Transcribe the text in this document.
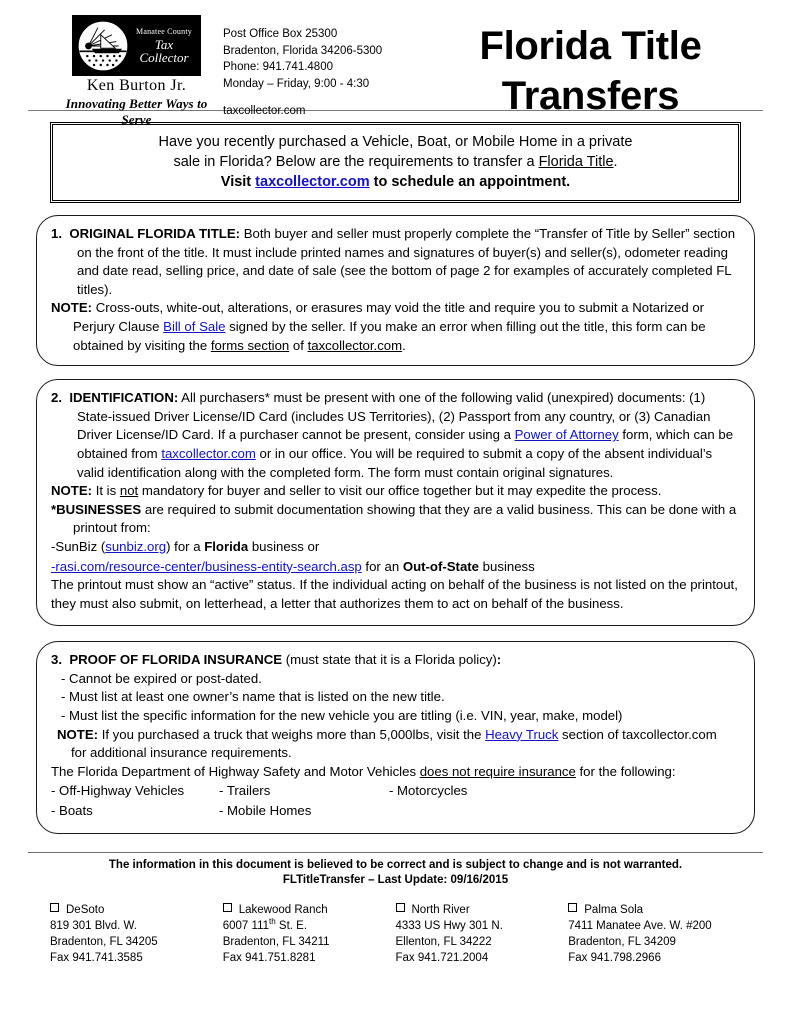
Manatee County
Tax
Collector
Ken Burton Jr.
Innovating Better Ways to Serve
Post Office Box 25300
Bradenton, Florida 34206-5300
Phone: 941.741.4800
Monday – Friday, 9:00 - 4:30
taxcollector.com
Florida Title
Transfers
Have you recently purchased a Vehicle, Boat, or Mobile Home in a private
sale in Florida? Below are the requirements to transfer a Florida Title.
Visit taxcollector.com to schedule an appointment.

1. ORIGINAL FLORIDA TITLE: Both buyer and seller must properly complete the “Transfer of Title by Seller” section on the front of the title. It must include printed names and signatures of buyer(s) and seller(s), odometer reading and date read, selling price, and date of sale (see the bottom of page 2 for examples of accurately completed FL titles).

NOTE: Cross-outs, white-out, alterations, or erasures may void the title and require you to submit a Notarized or Perjury Clause Bill of Sale signed by the seller. If you make an error when filling out the title, this form can be obtained by visiting the forms section of taxcollector.com.

2. IDENTIFICATION: All purchasers* must be present with one of the following valid (unexpired) documents: (1) State-issued Driver License/ID Card (includes US Territories), (2) Passport from any country, or (3) Canadian Driver License/ID Card. If a purchaser cannot be present, consider using a Power of Attorney form, which can be obtained from taxcollector.com or in our office. You will be required to submit a copy of the absent individual’s valid identification along with the completed form. The form must contain original signatures.

NOTE: It is not mandatory for buyer and seller to visit our office together but it may expedite the process.

*BUSINESSES are required to submit documentation showing that they are a valid business. This can be done with a printout from:

-SunBiz (sunbiz.org) for a Florida business or

-rasi.com/resource-center/business-entity-search.asp for an Out-of-State business

The printout must show an “active” status. If the individual acting on behalf of the business is not listed on the printout, they must also submit, on letterhead, a letter that authorizes them to act on behalf of the business.

3. PROOF OF FLORIDA INSURANCE (must state that it is a Florida policy):

- Cannot be expired or post-dated.

- Must list at least one owner’s name that is listed on the new title.

- Must list the specific information for the new vehicle you are titling (i.e. VIN, year, make, model)

NOTE: If you purchased a truck that weighs more than 5,000lbs, visit the Heavy Truck section of taxcollector.com

for additional insurance requirements.

The Florida Department of Highway Safety and Motor Vehicles does not require insurance for the following:

- Off-Highway Vehicles	- Trailers	- Motorcycles
- Boats	- Mobile Homes
The information in this document is believed to be correct and is subject to change and is not warranted.
FLTitleTransfer – Last Update: 09/16/2015
DeSoto
819 301 Blvd. W.
Bradenton, FL 34205
Fax 941.741.3585
Lakewood Ranch
6007 111th St. E.
Bradenton, FL 34211
Fax 941.751.8281
North River
4333 US Hwy 301 N.
Ellenton, FL 34222
Fax 941.721.2004
Palma Sola
7411 Manatee Ave. W. #200
Bradenton, FL 34209
Fax 941.798.2966
